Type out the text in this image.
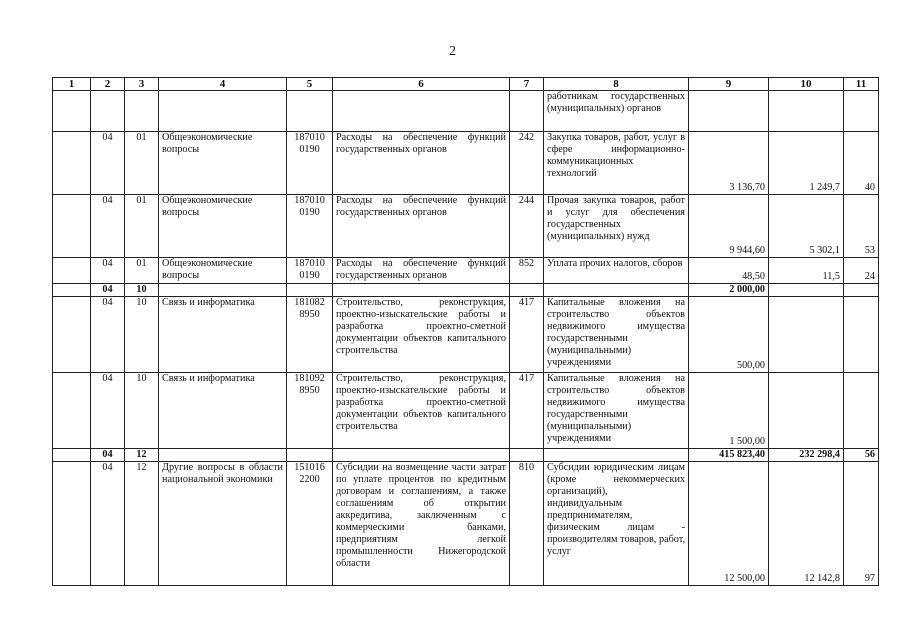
2
1	2	3	4	5	6	7	8	9	10	11
							работникам государственных (муниципальных) органов			
	04	01	Общеэкономические вопросы	187010 0190	Расходы на обеспечение функций государственных органов	242	Закупка товаров, работ, услуг в сфере информационно-коммуникационных технологий	3 136,70	1 249,7	40
	04	01	Общеэкономические вопросы	187010 0190	Расходы на обеспечение функций государственных органов	244	Прочая закупка товаров, работ и услуг для обеспечения государственных (муниципальных) нужд	9 944,60	5 302,1	53
	04	01	Общеэкономические вопросы	187010 0190	Расходы на обеспечение функций государственных органов	852	Уплата прочих налогов, сборов	48,50	11,5	24
	04	10						2 000,00		
	04	10	Связь и информатика	181082 8950	Строительство, реконструкция, проектно-изыскательские работы и разработка проектно-сметной документации объектов капитального строительства	417	Капитальные вложения на строительство объектов недвижимого имущества государственными (муниципальными) учреждениями	500,00		
	04	10	Связь и информатика	181092 8950	Строительство, реконструкция, проектно-изыскательские работы и разработка проектно-сметной документации объектов капитального строительства	417	Капитальные вложения на строительство объектов недвижимого имущества государственными (муниципальными) учреждениями	1 500,00		
	04	12						415 823,40	232 298,4	56
	04	12	Другие вопросы в области национальной экономики	151016 2200	Субсидии на возмещение части затрат по уплате процентов по кредитным договорам и соглашениям, а также соглашениям об открытии аккредитива, заключенным с коммерческими банками, предприятиям легкой промышленности Нижегородской области	810	Субсидии юридическим лицам (кроме некоммерческих организаций), индивидуальным предпринимателям, физическим лицам - производителям товаров, работ, услуг	12 500,00	12 142,8	97
